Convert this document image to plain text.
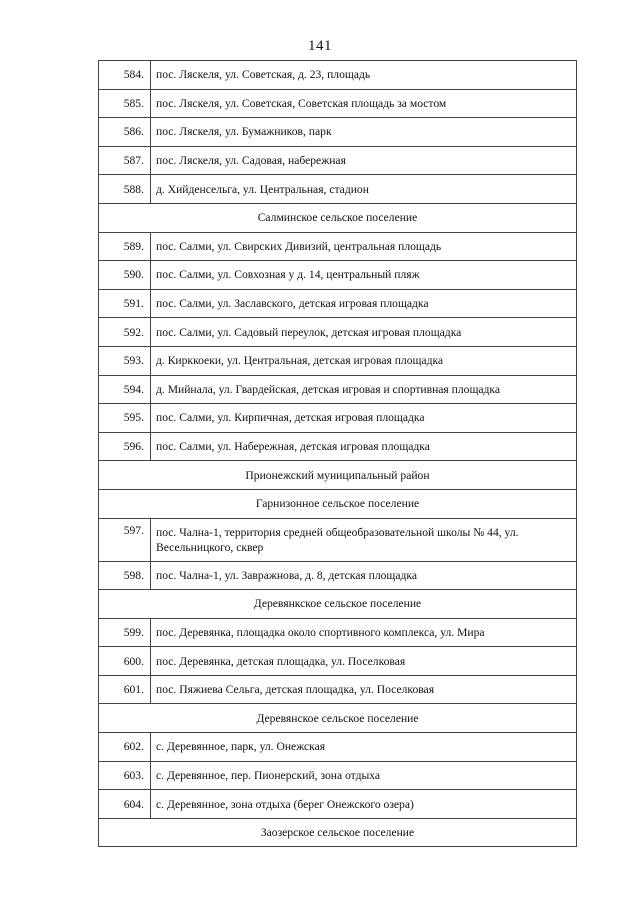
141
584.	пос. Ляскеля, ул. Советская, д. 23, площадь
585.	пос. Ляскеля, ул. Советская, Советская площадь за мостом
586.	пос. Ляскеля, ул. Бумажников, парк
587.	пос. Ляскеля, ул. Садовая, набережная
588.	д. Хийденсельга, ул. Центральная, стадион
Салминское сельское поселение	
589.	пос. Салми, ул. Свирских Дивизий, центральная площадь
590.	пос. Салми, ул. Совхозная у д. 14, центральный пляж
591.	пос. Салми, ул. Заславского, детская игровая площадка
592.	пос. Салми, ул. Садовый переулок, детская игровая площадка
593.	д. Кирккоеки, ул. Центральная, детская игровая площадка
594.	д. Мийнала, ул. Гвардейская, детская игровая и спортивная площадка
595.	пос. Салми, ул. Кирпичная, детская игровая площадка
596.	пос. Салми, ул. Набережная, детская игровая площадка
Прионежский муниципальный район	
Гарнизонное сельское поселение	
597.	пос. Чална-1, территория средней общеобразовательной школы № 44, ул. Весельницкого, сквер
598.	пос. Чална-1, ул. Завражнова, д. 8, детская площадка
Деревянкское сельское поселение	
599.	пос. Деревянка, площадка около спортивного комплекса, ул. Мира
600.	пос. Деревянка, детская площадка, ул. Поселковая
601.	пос. Пяжиева Сельга, детская площадка, ул. Поселковая
Деревянское сельское поселение	
602.	с. Деревянное, парк, ул. Онежская
603.	с. Деревянное, пер. Пионерский, зона отдыха
604.	с. Деревянное, зона отдыха (берег Онежского озера)
Заозерское сельское поселение	
